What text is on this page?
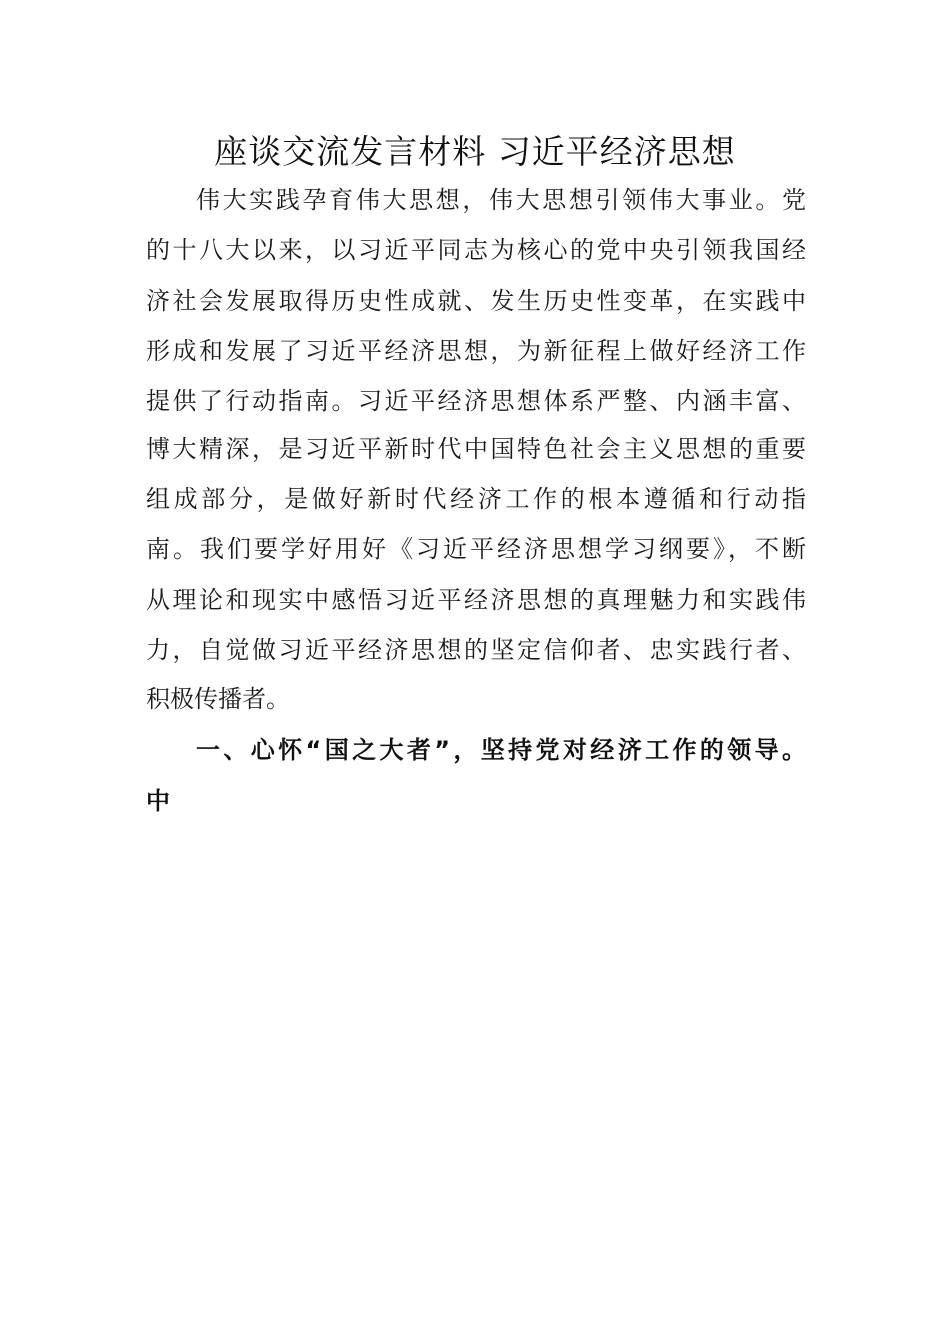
座谈交流发言材料 习近平经济思想
伟大实践孕育伟大思想，伟大思想引领伟大事业。党
的十八大以来，以习近平同志为核心的党中央引领我国经
济社会发展取得历史性成就、发生历史性变革，在实践中
形成和发展了习近平经济思想，为新征程上做好经济工作
提供了行动指南。习近平经济思想体系严整、内涵丰富、
博大精深，是习近平新时代中国特色社会主义思想的重要
组成部分，是做好新时代经济工作的根本遵循和行动指
南。我们要学好用好《习近平经济思想学习纲要》，不断
从理论和现实中感悟习近平经济思想的真理魅力和实践伟
力，自觉做习近平经济思想的坚定信仰者、忠实践行者、
积极传播者。
一、心怀“国之大者”，坚持党对经济工作的领导。
中
